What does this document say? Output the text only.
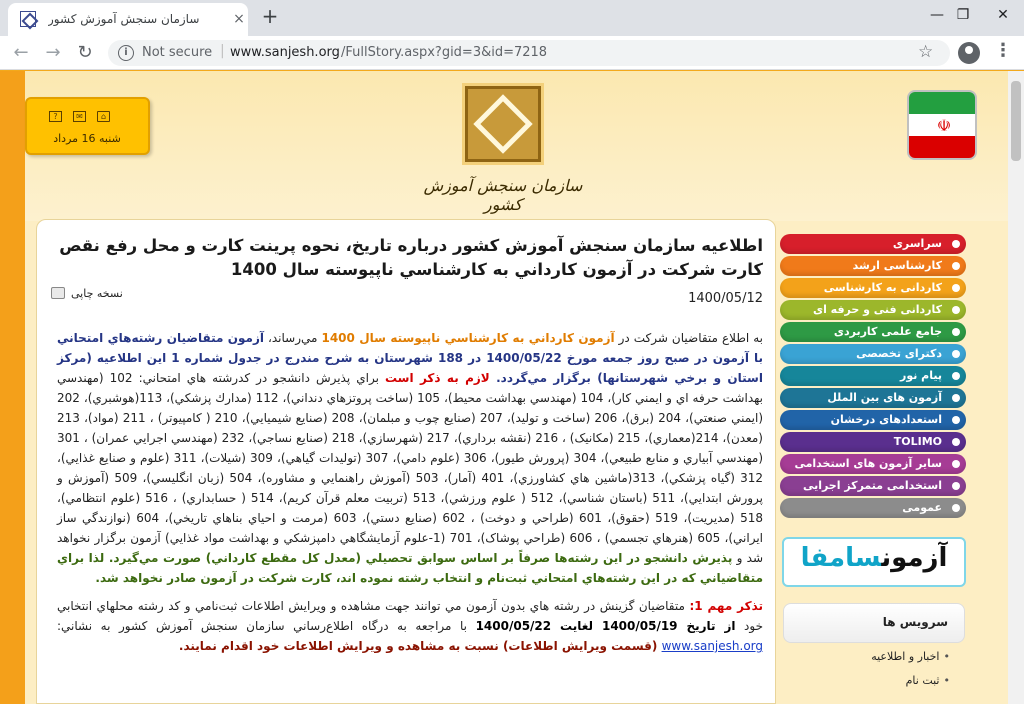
سازمان سنجش آموزش کشور	× +	— ❐	✕
← → ↻	i	Not secure | www.sanjesh.org /FullStory.aspx?gid=3&id=7218	☆	⋮
?	✉	⌂
شنبه 16 مرداد
سازمان سنجش آموزش کشور
☫
اطلاعيه سازمان سنجش آموزش کشور درباره تاريخ، نحوه پرينت کارت و محل رفع نقص کارت شرکت در آزمون کارداني به کارشناسي ناپيوسته سال 1400
نسخه چاپی	1400/05/12

به اطلاع متقاضيان شرکت در آزمون کارداني به کارشناسي ناپيوسته سال 1400 مي‌رساند، آزمون متقاضيان رشته‌هاي امتحاني با آزمون در صبح روز جمعه مورخ 1400/05/22 در 188 شهرستان به شرح مندرج در جدول شماره 1 اين اطلاعيه (مرکز استان و برخي شهرستانها) برگزار مي‌گردد. لازم به ذکر است براي پذيرش دانشجو در کدرشته هاي امتحاني: 102 (مهندسي بهداشت حرفه اي و ايمني کار)، 104 (مهندسي بهداشت محيط)، 105 (ساخت پروتزهاي دنداني)، 112 (مدارك پزشکي)، 113(هوشبري)، 202 (ايمني صنعتي)، 204 (برق)، 206 (ساخت و توليد)، 207 (صنايع چوب و مبلمان)، 208 (صنايع شيميايي)، 210 ( کامپيوتر) ، 211 (مواد)، 213 (معدن)، 214(معماري)، 215 (مکانيک) ، 216 (نقشه برداري)، 217 (شهرسازي)، 218 (صنايع نساجي)، 232 (مهندسي اجرايي عمران) ، 301 (مهندسي آبياري و منابع طبيعي)، 304 (پرورش طيور)، 306 (علوم دامي)، 307 (توليدات گياهي)، 309 (شيلات)، 311 (علوم و صنايع غذايي)، 312 (گياه پزشکي)، 313(ماشين هاي کشاورزي)، 401 (آمار)، 503 (آموزش راهنمايي و مشاوره)، 504 (زبان انگليسي)، 509 (آموزش و پرورش ابتدايي)، 511 (باستان شناسي)، 512 ( علوم ورزشي)، 513 (تربيت معلم قرآن کريم)، 514 ( حسابداري) ، 516 (علوم انتظامي)، 518 (مديريت)، 519 (حقوق)، 601 (طراحي و دوخت) ، 602 (صنايع دستي)، 603 (مرمت و احياي بناهاي تاريخي)، 604 (نوازندگي ساز ايراني)، 605 (هنرهاي تجسمي) ، 606 (طراحي پوشاک)، 701 (1-علوم آزمايشگاهي دامپزشکي و بهداشت مواد غذايي) آزمون برگزار نخواهد شد و پذيرش دانشجو در اين رشته‌ها صرفاً بر اساس سوابق تحصيلي (معدل کل مقطع کارداني) صورت مي‌گيرد. لذا براي متقاضياني که در اين رشته‌هاي امتحاني ثبت‌نام و انتخاب رشته نموده اند، کارت شرکت در آزمون صادر نخواهد شد.

تذکر مهم 1: متقاضيان گزينش در رشته هاي بدون آزمون مي توانند جهت مشاهده و ويرايش اطلاعات ثبت‌نامي و کد رشته محلهاي انتخابي خود از تاريخ 1400/05/19 لغايت 1400/05/22 با مراجعه به درگاه اطلاع‌رساني سازمان سنجش آموزش کشور به نشاني: www.sanjesh.org (قسمت ويرايش اطلاعات) نسبت به مشاهده و ويرايش اطلاعات خود اقدام نمايند.

سراسری
کارشناسی ارشد
کاردانی به کارشناسی
کاردانی فنی و حرفه ای
جامع علمی کاربردی
دکترای تخصصی
پیام نور
آزمون های بین الملل
استعدادهای درخشان
TOLIMO
سایر آزمون های استخدامی
استخدامی متمرکز اجرایی
عمومی
آزمونسامفا
سرویس ها
• اخبار و اطلاعیه
• ثبت نام
